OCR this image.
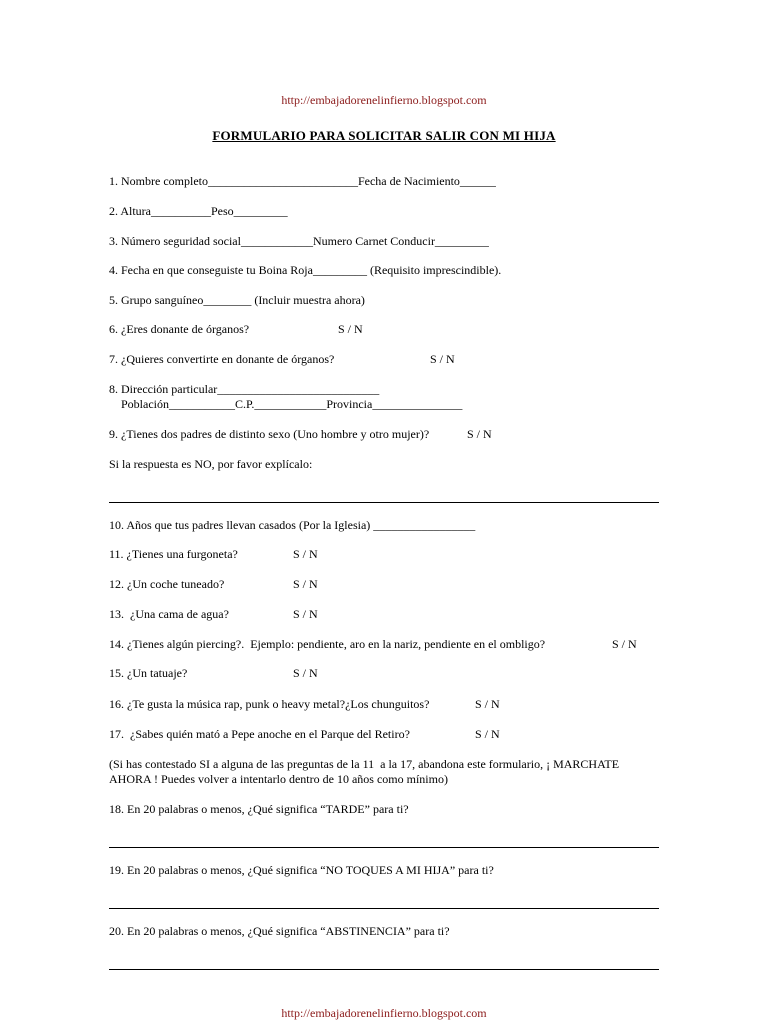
http://embajadorenelinfierno.blogspot.com
FORMULARIO PARA SOLICITAR SALIR CON MI HIJA
1. Nombre completo_________________________Fecha de Nacimiento______
2. Altura__________Peso_________
3. Número seguridad social____________Numero Carnet Conducir_________
4. Fecha en que conseguiste tu Boina Roja_________ (Requisito imprescindible).
5. Grupo sanguíneo________ (Incluir muestra ahora)
6. ¿Eres donante de órganos?	S / N
7. ¿Quieres convertirte en donante de órganos?	S / N
8. Dirección particular___________________________
Población___________C.P.____________Provincia_______________
9. ¿Tienes dos padres de distinto sexo (Uno hombre y otro mujer)?	S / N
Si la respuesta es NO, por favor explícalo:
10. Años que tus padres llevan casados (Por la Iglesia) _________________
11. ¿Tienes una furgoneta?	S / N
12. ¿Un coche tuneado?	S / N
13.  ¿Una cama de agua?	S / N
14. ¿Tienes algún piercing?.  Ejemplo: pendiente, aro en la nariz, pendiente en el ombligo?	S / N
15. ¿Un tatuaje?	S / N
16. ¿Te gusta la música rap, punk o heavy metal?¿Los chunguitos?	S / N
17.  ¿Sabes quién mató a Pepe anoche en el Parque del Retiro?	S / N
(Si has contestado SI a alguna de las preguntas de la 11  a la 17, abandona este formulario, ¡ MARCHATE
AHORA ! Puedes volver a intentarlo dentro de 10 años como mínimo)
18. En 20 palabras o menos, ¿Qué significa “TARDE” para ti?
19. En 20 palabras o menos, ¿Qué significa “NO TOQUES A MI HIJA” para ti?
20. En 20 palabras o menos, ¿Qué significa “ABSTINENCIA” para ti?
http://embajadorenelinfierno.blogspot.com
